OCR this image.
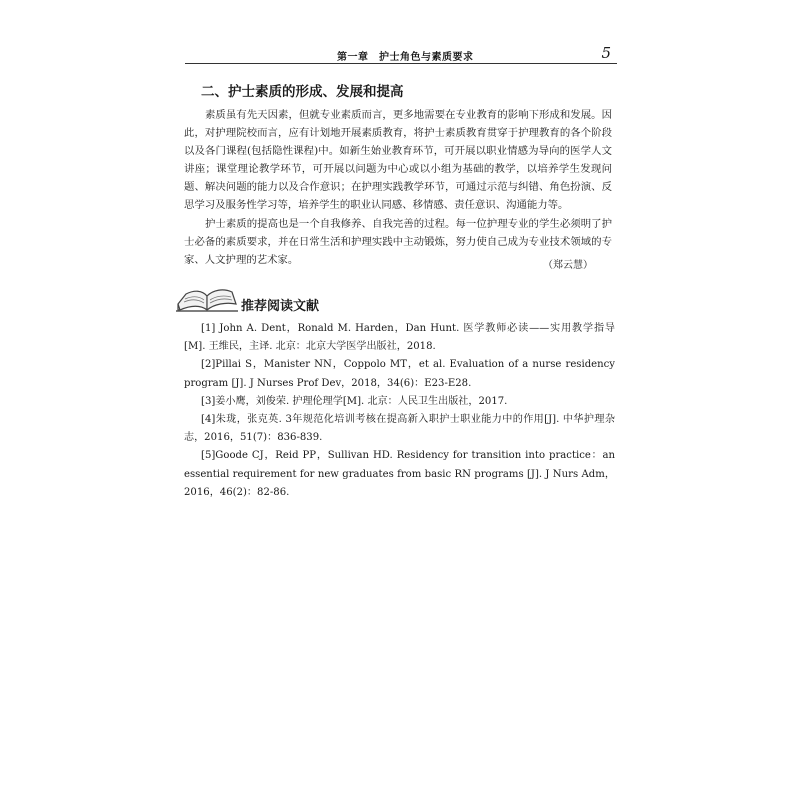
第一章　护士角色与素质要求	5
二、护士素质的形成、发展和提高

素质虽有先天因素，但就专业素质而言，更多地需要在专业教育的影响下形成和发展。因此，对护理院校而言，应有计划地开展素质教育，将护士素质教育贯穿于护理教育的各个阶段以及各门课程(包括隐性课程)中。如新生始业教育环节，可开展以职业情感为导向的医学人文讲座；课堂理论教学环节，可开展以问题为中心或以小组为基础的教学，以培养学生发现问题、解决问题的能力以及合作意识；在护理实践教学环节，可通过示范与纠错、角色扮演、反思学习及服务性学习等，培养学生的职业认同感、移情感、责任意识、沟通能力等。

护士素质的提高也是一个自我修养、自我完善的过程。每一位护理专业的学生必须明了护士必备的素质要求，并在日常生活和护理实践中主动锻炼，努力使自己成为专业技术领域的专家、人文护理的艺术家。	（郑云慧）
推荐阅读文献

[1] John A. Dent，Ronald M. Harden，Dan Hunt. 医学教师必读——实用教学指导[M]. 王维民，主译. 北京：北京大学医学出版社，2018.

[2]Pillai S，Manister NN，Coppolo MT，et al. Evaluation of a nurse residency program [J]. J Nurses Prof Dev，2018，34(6)：E23-E28.

[3]姜小鹰，刘俊荣. 护理伦理学[M]. 北京：人民卫生出版社，2017.

[4]朱珑，张克英. 3年规范化培训考核在提高新入职护士职业能力中的作用[J]. 中华护理杂志，2016，51(7)：836-839.

[5]Goode CJ，Reid PP，Sullivan HD. Residency for transition into practice：an essential requirement for new graduates from basic RN programs [J]. J Nurs Adm，2016，46(2)：82-86.
